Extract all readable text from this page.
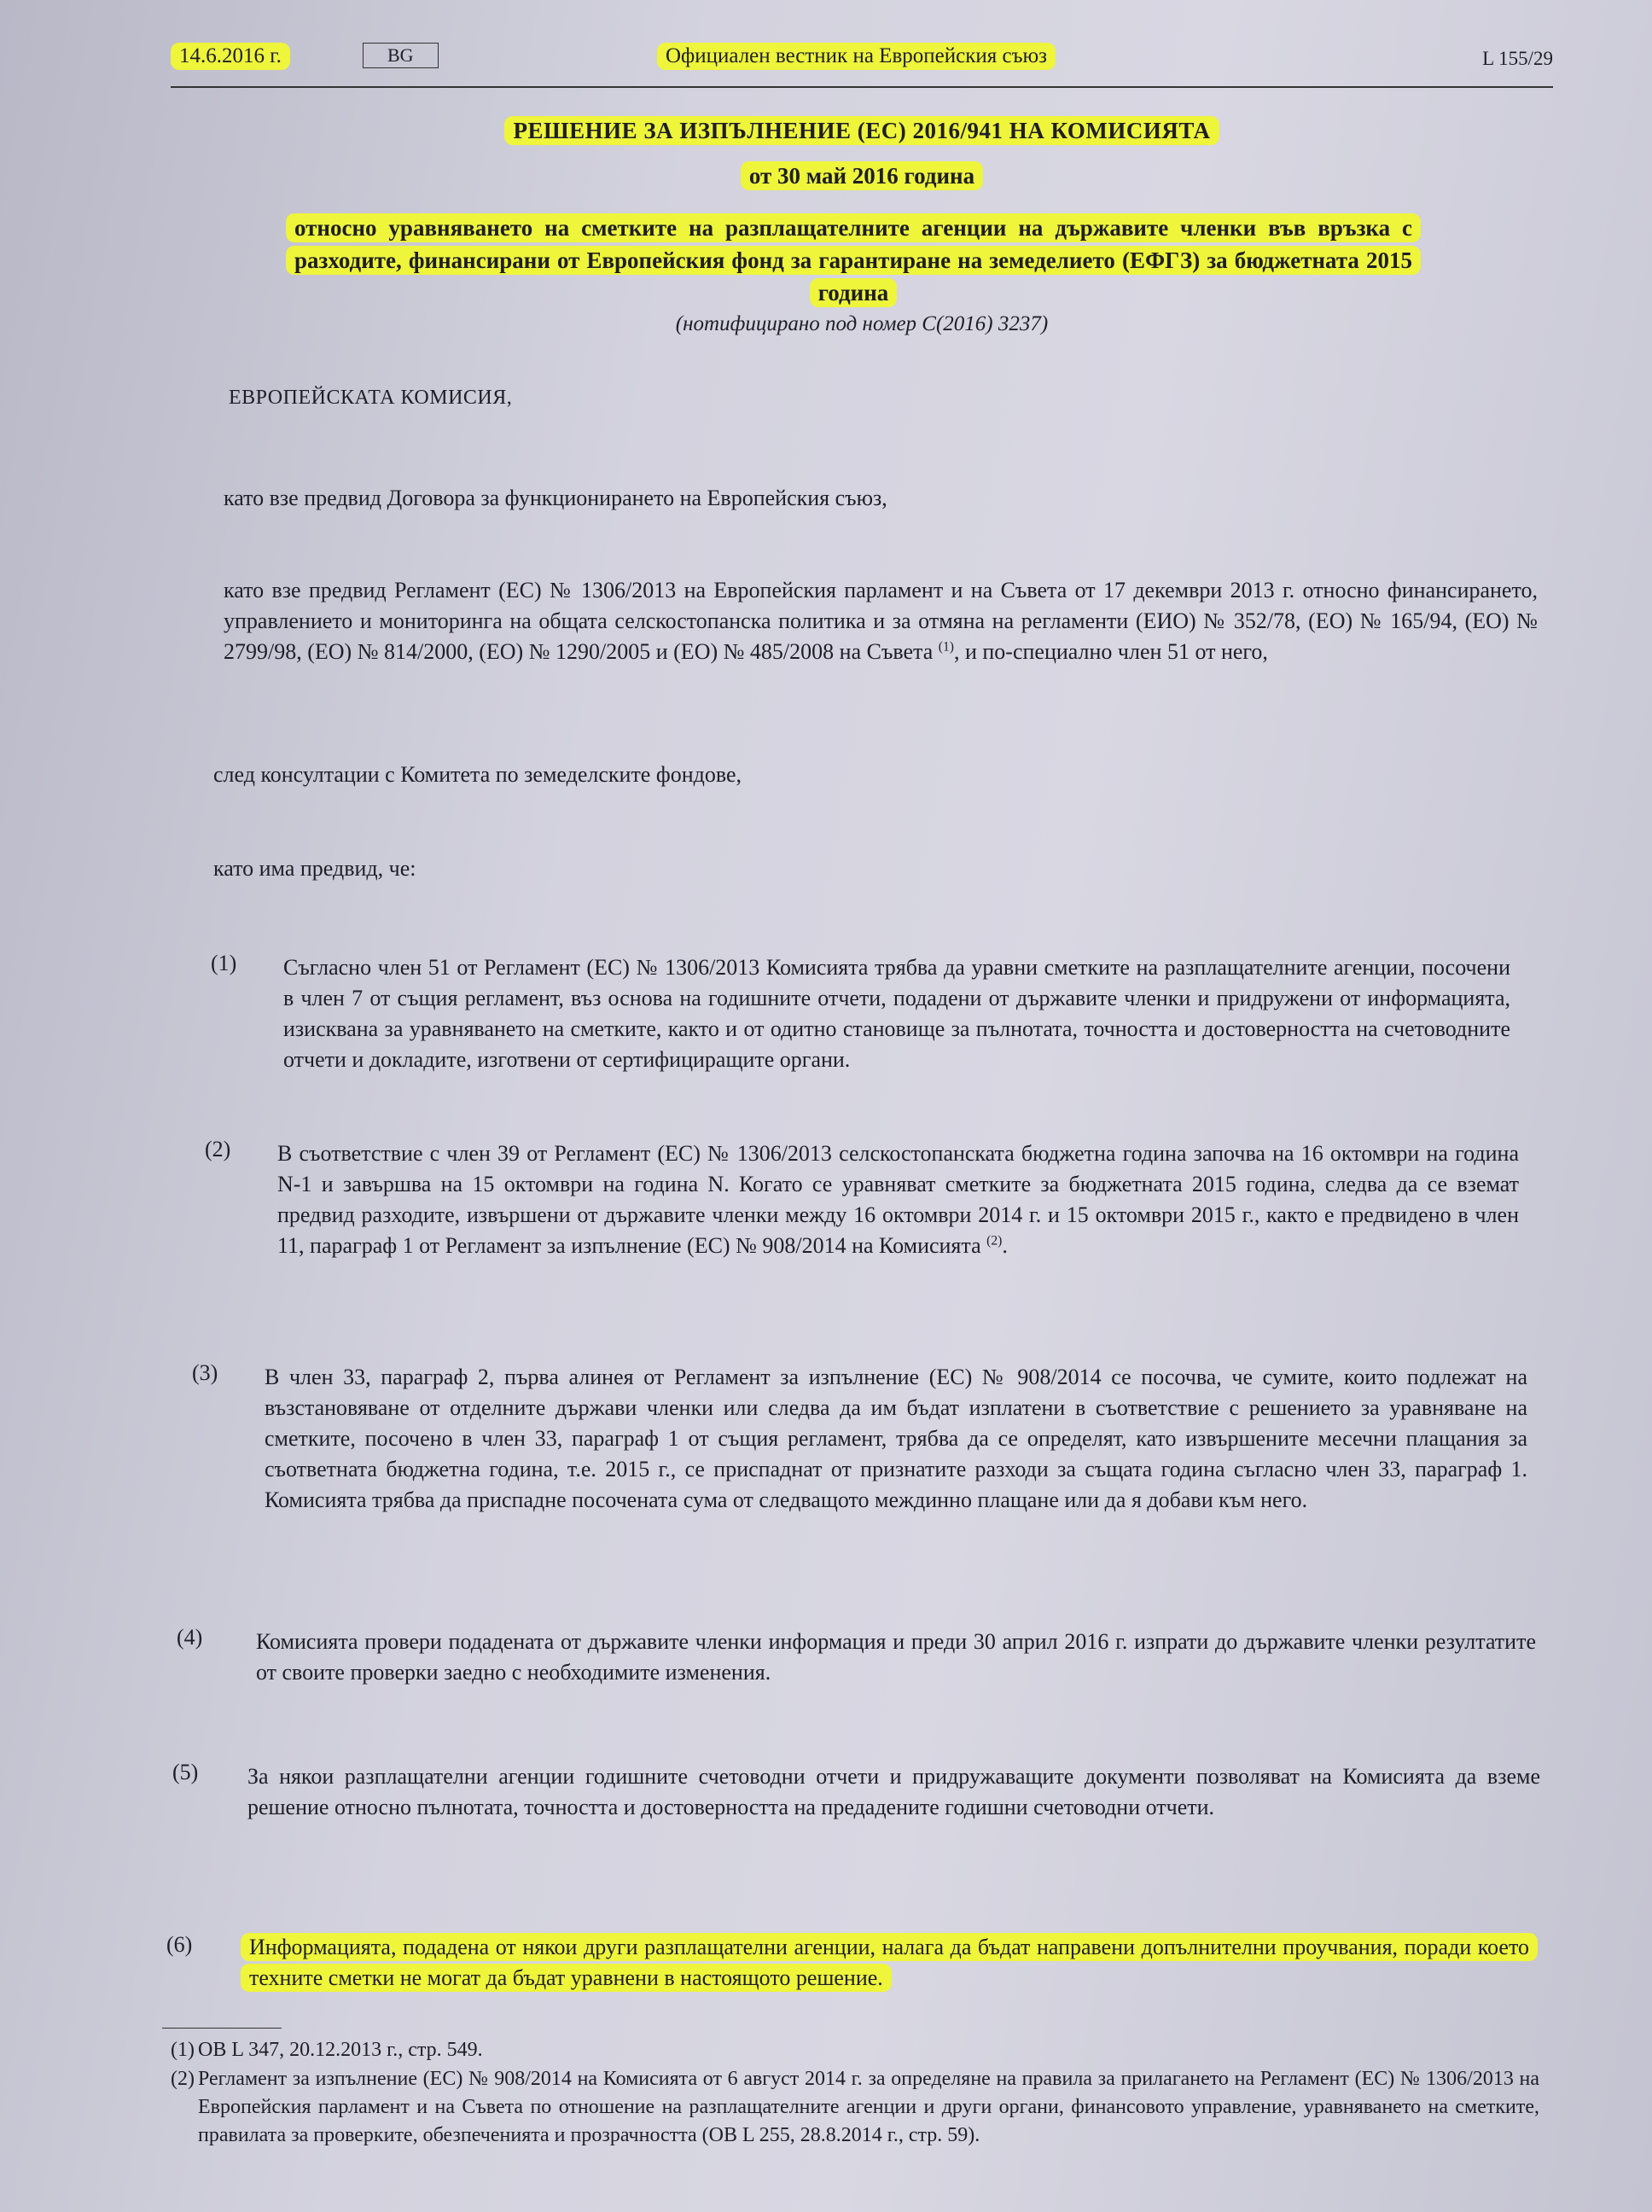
14.6.2016 г.	BG	Официален вестник на Европейския съюз	L 155/29
РЕШЕНИЕ ЗА ИЗПЪЛНЕНИЕ (ЕС) 2016/941 НА КОМИСИЯТА
от 30 май 2016 година
относно уравняването на сметките на разплащателните агенции на държавите членки във връзка с разходите, финансирани от Европейския фонд за гарантиране на земеделието (ЕФГЗ) за бюджетната 2015 година
(нотифицирано под номер С(2016) 3237)
ЕВРОПЕЙСКАТА КОМИСИЯ,
като взе предвид Договора за функционирането на Европейския съюз,
като взе предвид Регламент (ЕС) № 1306/2013 на Европейския парламент и на Съвета от 17 декември 2013 г. относно финансирането, управлението и мониторинга на общата селскостопанска политика и за отмяна на регламенти (ЕИО) № 352/78, (ЕО) № 165/94, (ЕО) № 2799/98, (ЕО) № 814/2000, (ЕО) № 1290/2005 и (ЕО) № 485/2008 на Съвета $^{(1)}$, и по-специално член 51 от него,
след консултации с Комитета по земеделските фондове,
като има предвид, че:
(1) Съгласно член 51 от Регламент (ЕС) № 1306/2013 Комисията трябва да уравни сметките на разплащателните агенции, посочени в член 7 от същия регламент, въз основа на годишните отчети, подадени от държавите членки и придружени от информацията, изисквана за уравняването на сметките, както и от одитно становище за пълнотата, точността и достоверността на счетоводните отчети и докладите, изготвени от сертифициращите органи.
(2) В съответствие с член 39 от Регламент (ЕС) № 1306/2013 селскостопанската бюджетна година започва на 16 октомври на година N-1 и завършва на 15 октомври на година N. Когато се уравняват сметките за бюджетната 2015 година, следва да се вземат предвид разходите, извършени от държавите членки между 16 октомври 2014 г. и 15 октомври 2015 г., както е предвидено в член 11, параграф 1 от Регламент за изпълнение (ЕС) № 908/2014 на Комисията $^{(2)}$.
(3) В член 33, параграф 2, първа алинея от Регламент за изпълнение (ЕС) № 908/2014 се посочва, че сумите, които подлежат на възстановяване от отделните държави членки или следва да им бъдат изплатени в съответствие с решението за уравняване на сметките, посочено в член 33, параграф 1 от същия регламент, трябва да се определят, като извършените месечни плащания за съответната бюджетна година, т.е. 2015 г., се приспаднат от признатите разходи за същата година съгласно член 33, параграф 1. Комисията трябва да приспадне посочената сума от следващото междинно плащане или да я добави към него.
(4) Комисията провери подадената от държавите членки информация и преди 30 април 2016 г. изпрати до държавите членки резултатите от своите проверки заедно с необходимите изменения.
(5) За някои разплащателни агенции годишните счетоводни отчети и придружаващите документи позволяват на Комисията да вземе решение относно пълнотата, точността и достоверността на предадените годишни счетоводни отчети.
(6)	Информацията, подадена от някои други разплащателни агенции, налага да бъдат направени допълнителни проучвания, поради което техните сметки не могат да бъдат уравнени в настоящото решение.
(1) ОВ L 347, 20.12.2013 г., стр. 549.
(2) Регламент за изпълнение (ЕС) № 908/2014 на Комисията от 6 август 2014 г. за определяне на правила за прилагането на Регламент (ЕС) № 1306/2013 на Европейския парламент и на Съвета по отношение на разплащателните агенции и други органи, финансовото управление, уравняването на сметките, правилата за проверките, обезпеченията и прозрачността (ОВ L 255, 28.8.2014 г., стр. 59).
